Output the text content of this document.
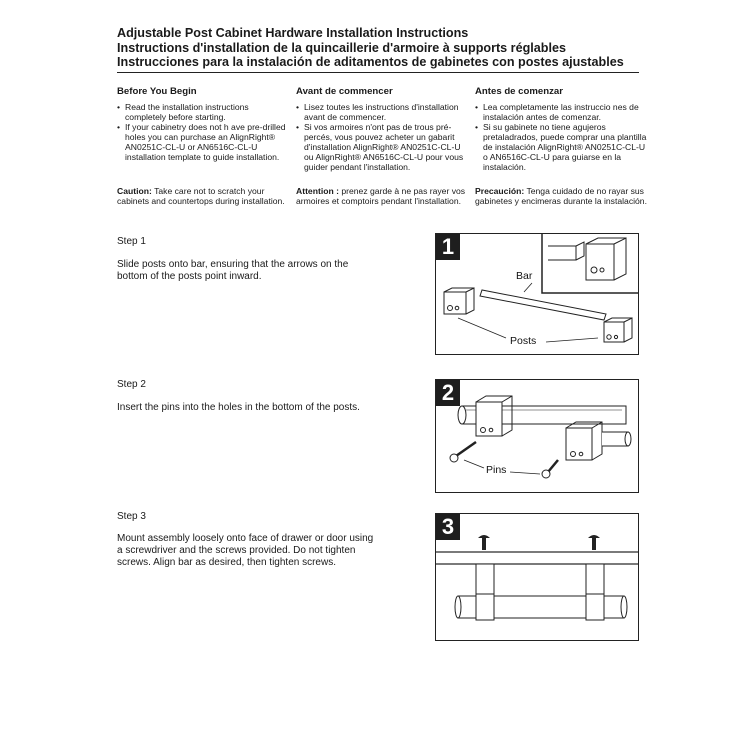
Adjustable Post Cabinet Hardware Installation Instructions
Instructions d'installation de la quincaillerie d'armoire à supports réglables
Instrucciones para la instalación de aditamentos de gabinetes con postes ajustables
Before You Begin
• Read the installation instructions completely before starting.
• If your cabinetry does not h ave pre-drilled holes you can purchase an AlignRight® AN0251C-CL-U or AN6516C-CL-U installation template to guide installation.
Caution: Take care not to scratch your cabinets and countertops during installation.
Avant de commencer
• Lisez toutes les instructions d'installation avant de commencer.
• Si vos armoires n'ont pas de trous pré-percés, vous pouvez acheter un gabarit d'installation AlignRight® AN0251C-CL-U ou AlignRight® AN6516C-CL-U pour vous guider pendant l'installation.
Attention : prenez garde à ne pas rayer vos armoires et comptoirs pendant l'installation.
Antes de comenzar
• Lea completamente las instruccio nes de instalación antes de comenzar.
• Si su gabinete no tiene agujeros pretaladrados, puede comprar una plantilla de instalación AlignRight® AN0251C-CL-U o AN6516C-CL-U para guiarse en la instalación.
Precaución: Tenga cuidado de no rayar sus gabinetes y encimeras durante la instalación.
Step 1
Slide posts onto bar, ensuring that the arrows on the bottom of the posts point inward.
1
Bar
Posts
Step 2
Insert the pins into the holes in the bottom of the posts.
2
Pins
Step 3
Mount assembly loosely onto face of drawer or door using a screwdriver and the screws provided. Do not tighten screws. Align bar as desired, then tighten screws.
3
